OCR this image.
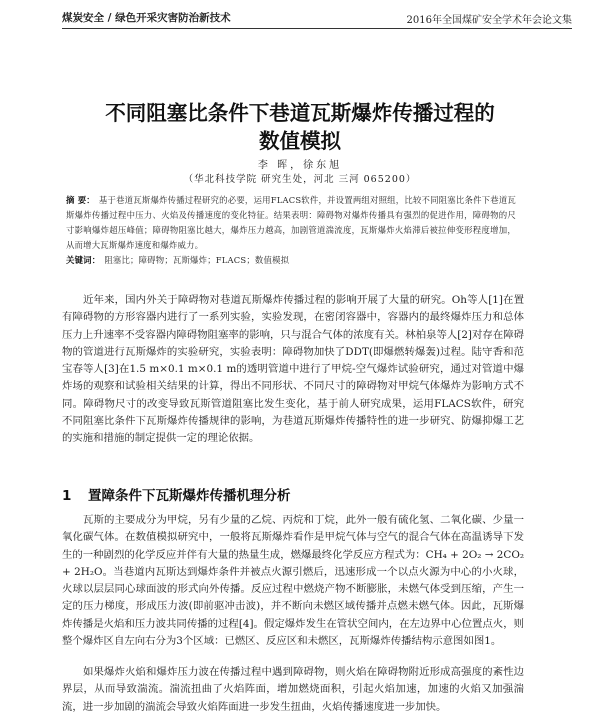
煤炭安全 / 绿色开采灾害防治新技术	2016年全国煤矿安全学术年会论文集
不同阻塞比条件下巷道瓦斯爆炸传播过程的
数值模拟
李 晖，徐东旭
（华北科技学院 研究生处，河北 三河 065200）
摘 要： 基于巷道瓦斯爆炸传播过程研究的必要，运用FLACS软件，并设置两组对照组，比较不同阻塞比条件下巷道瓦斯爆炸传播过程中压力、火焰及传播速度的变化特征。结果表明：障碍物对爆炸传播具有强烈的促进作用，障碍物的尺寸影响爆炸超压峰值；障碍物阻塞比越大，爆炸压力越高，加剧管道湍流度，瓦斯爆炸火焰滞后被拉伸变形程度增加，从而增大瓦斯爆炸速度和爆炸威力。
关键词： 阻塞比；障碍物；瓦斯爆炸；FLACS；数值模拟

近年来，国内外关于障碍物对巷道瓦斯爆炸传播过程的影响开展了大量的研究。Oh等人[1]在置有障碍物的方形容器内进行了一系列实验，实验发现，在密闭容器中，容器内的最终爆炸压力和总体压力上升速率不受容器内障碍物阻塞率的影响，只与混合气体的浓度有关。林柏泉等人[2]对存在障碍物的管道进行瓦斯爆炸的实验研究，实验表明：障碍物加快了DDT(即爆燃转爆轰)过程。陆守香和范宝春等人[3]在1.5 m×0.1 m×0.1 m的透明管道中进行了甲烷-空气爆炸试验研究，通过对管道中爆炸场的观察和试验相关结果的计算，得出不同形状、不同尺寸的障碍物对甲烷气体爆炸为影响方式不同。障碍物尺寸的改变导致瓦斯管道阻塞比发生变化，基于前人研究成果，运用FLACS软件，研究不同阻塞比条件下瓦斯爆炸传播规律的影响，为巷道瓦斯爆炸传播特性的进一步研究、防爆抑爆工艺的实施和措施的制定提供一定的理论依据。

1 置障条件下瓦斯爆炸传播机理分析

瓦斯的主要成分为甲烷，另有少量的乙烷、丙烷和丁烷，此外一般有硫化氢、二氧化碳、少量一氧化碳气体。在数值模拟研究中，一般将瓦斯爆炸看作是甲烷气体与空气的混合气体在高温诱导下发生的一种剧烈的化学反应并伴有大量的热量生成，燃爆最终化学反应方程式为：CH₄ + 2O₂ → 2CO₂ + 2H₂O。当巷道内瓦斯达到爆炸条件并被点火源引燃后，迅速形成一个以点火源为中心的小火球，火球以层层同心球面波的形式向外传播。反应过程中燃烧产物不断膨胀，未燃气体受到压缩，产生一定的压力梯度，形成压力波(即前驱冲击波)，并不断向未燃区域传播并点燃未燃气体。因此，瓦斯爆炸传播是火焰和压力波共同传播的过程[4]。假定爆炸发生在管状空间内，在左边界中心位置点火，则整个爆炸区自左向右分为3个区域：已燃区、反应区和未燃区，瓦斯爆炸传播结构示意图如图1。

如果爆炸火焰和爆炸压力波在传播过程中遇到障碍物，则火焰在障碍物附近形成高强度的紊性边界层，从而导致湍流。湍流扭曲了火焰阵面，增加燃烧面积，引起火焰加速，加速的火焰又加强湍流，进一步加剧的湍流会导致火焰阵面进一步发生扭曲，火焰传播速度进一步加快。
